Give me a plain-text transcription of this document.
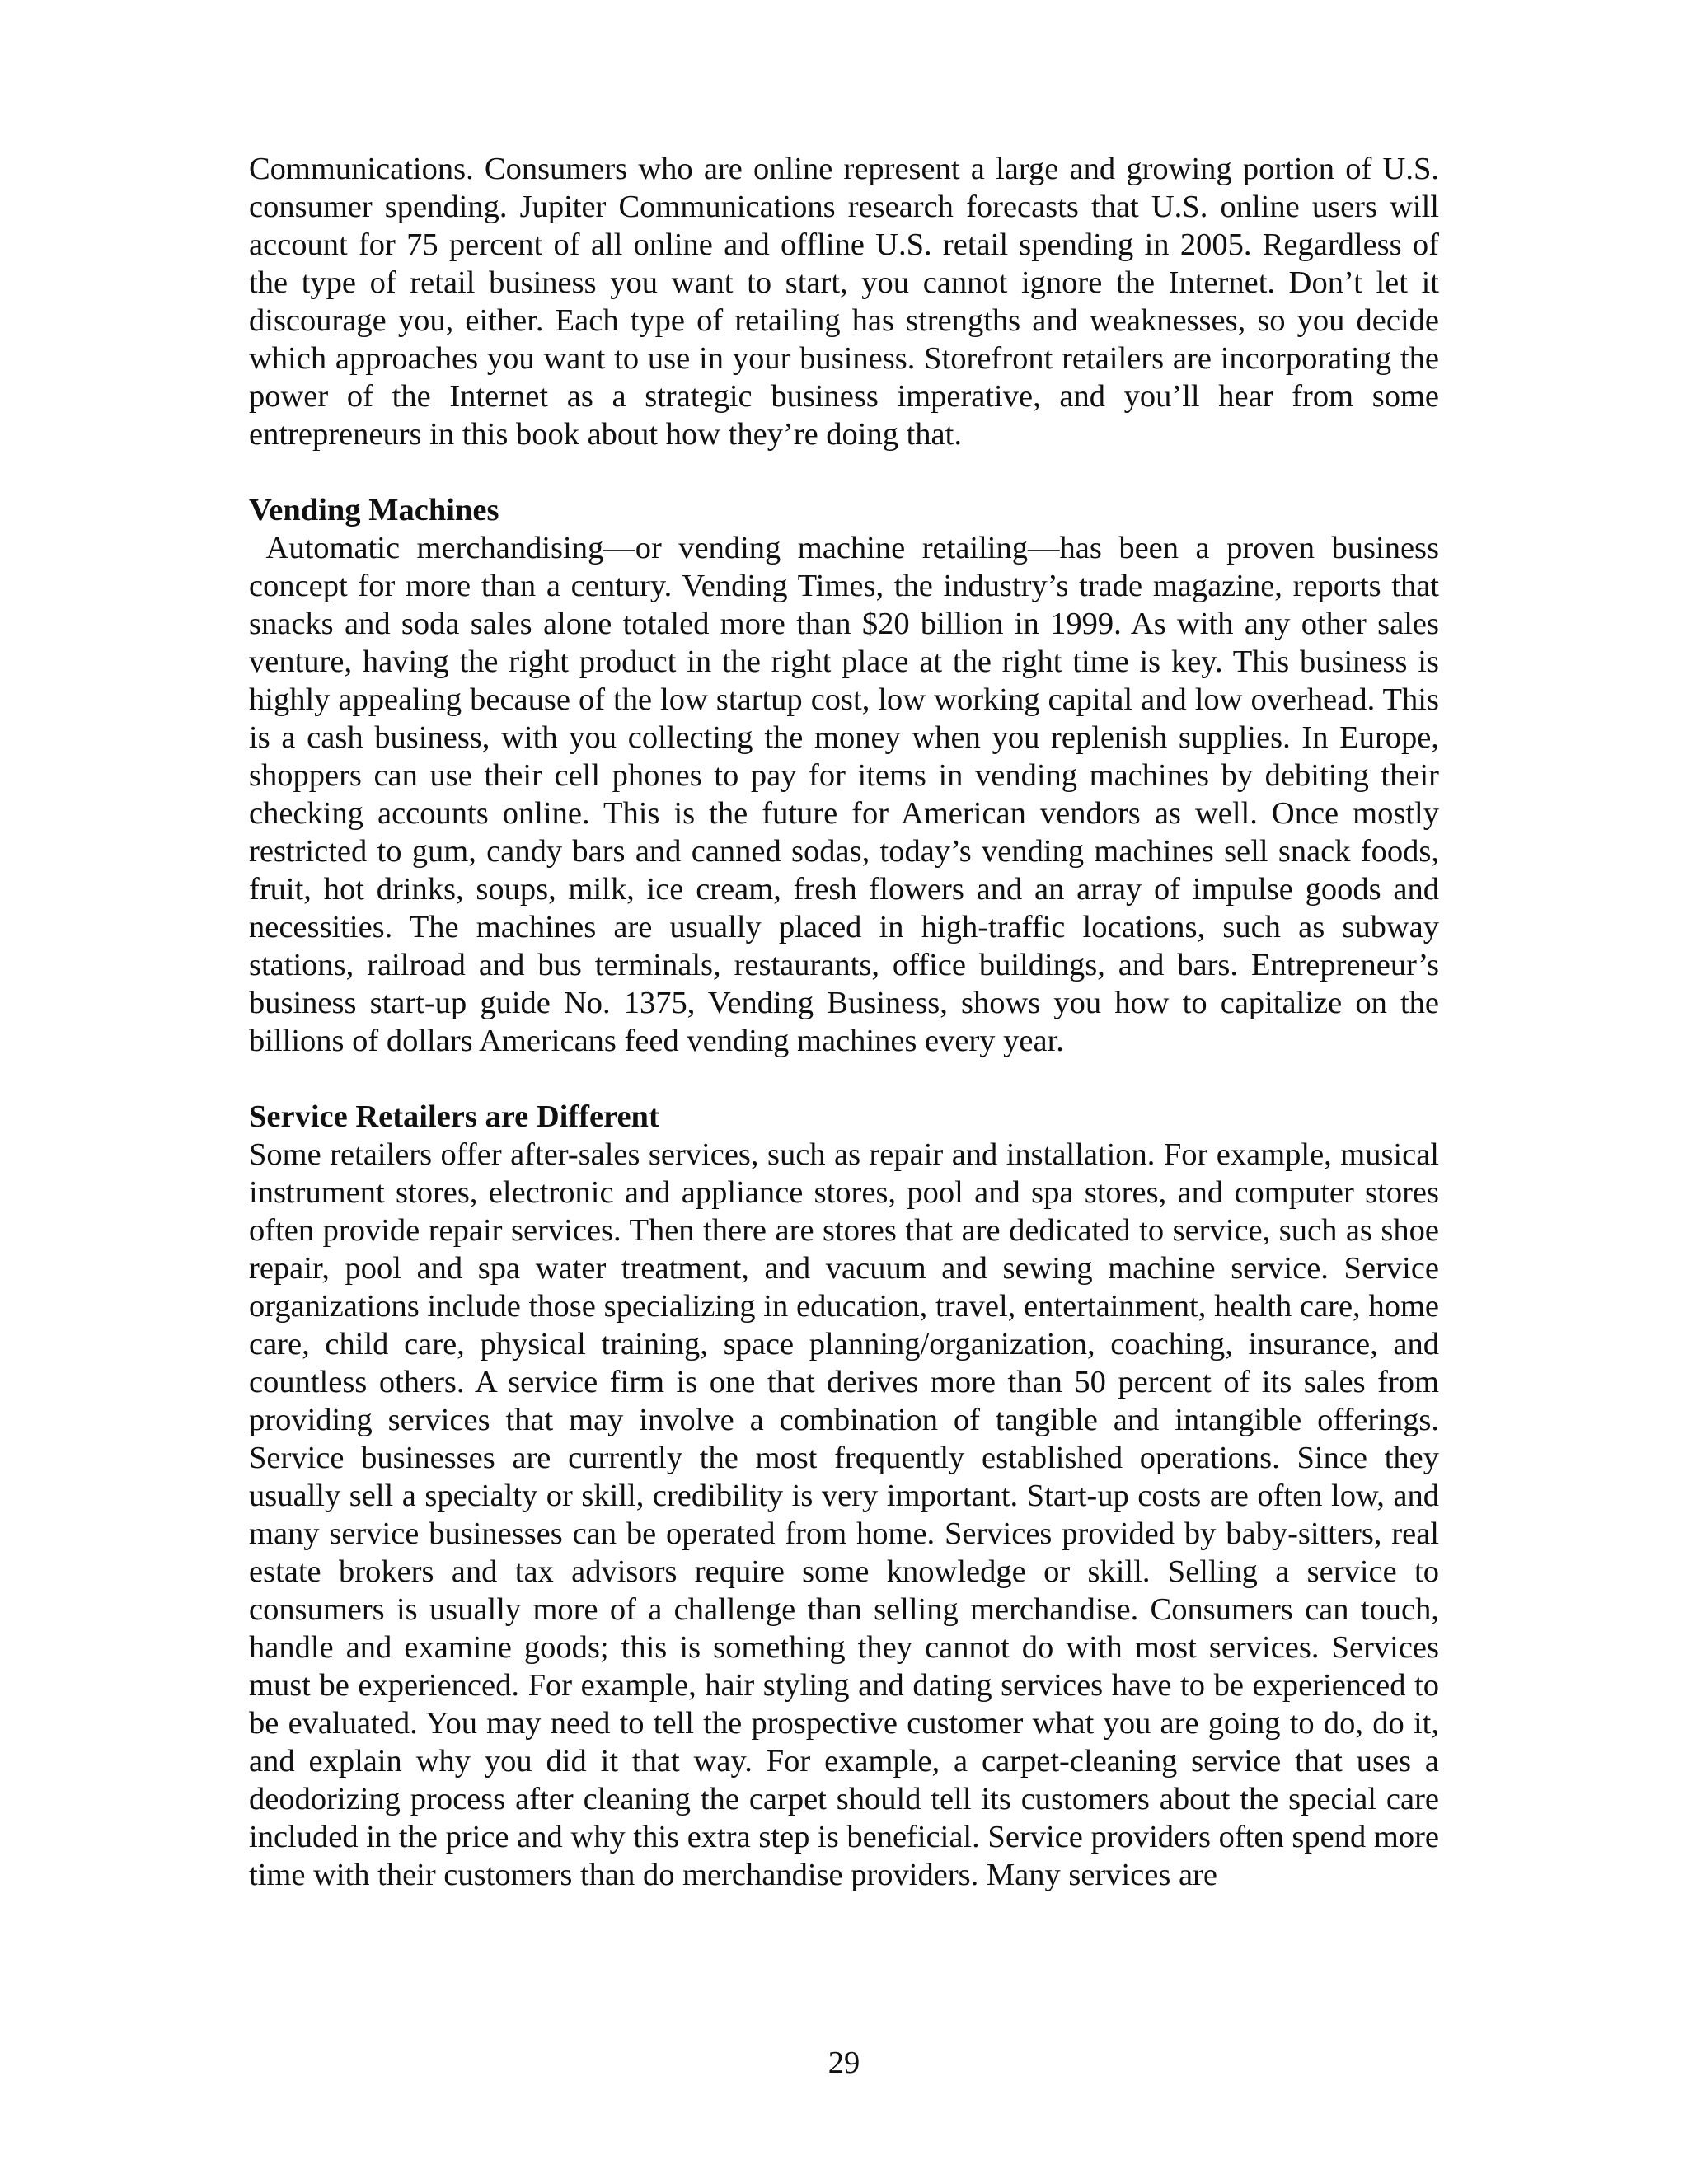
Communications. Consumers who are online represent a large and growing portion of U.S. consumer spending. Jupiter Communications research forecasts that U.S. online users will account for 75 percent of all online and offline U.S. retail spending in 2005. Regardless of the type of retail business you want to start, you cannot ignore the Internet. Don’t let it discourage you, either. Each type of retailing has strengths and weaknesses, so you decide which approaches you want to use in your business. Storefront retailers are incorporating the power of the Internet as a strategic business imperative, and you’ll hear from some entrepreneurs in this book about how they’re doing that.

Vending Machines

Automatic merchandising—or vending machine retailing—has been a proven business concept for more than a century. Vending Times, the industry’s trade magazine, reports that snacks and soda sales alone totaled more than $20 billion in 1999. As with any other sales venture, having the right product in the right place at the right time is key. This business is highly appealing because of the low startup cost, low working capital and low overhead. This is a cash business, with you collecting the money when you replenish supplies. In Europe, shoppers can use their cell phones to pay for items in vending machines by debiting their checking accounts online. This is the future for American vendors as well. Once mostly restricted to gum, candy bars and canned sodas, today’s vending machines sell snack foods, fruit, hot drinks, soups, milk, ice cream, fresh flowers and an array of impulse goods and necessities. The machines are usually placed in high-traffic locations, such as subway stations, railroad and bus terminals, restaurants, office buildings, and bars. Entrepreneur’s business start-up guide No. 1375, Vending Business, shows you how to capitalize on the billions of dollars Americans feed vending machines every year.

Service Retailers are Different

Some retailers offer after-sales services, such as repair and installation. For example, musical instrument stores, electronic and appliance stores, pool and spa stores, and computer stores often provide repair services. Then there are stores that are dedicated to service, such as shoe repair, pool and spa water treatment, and vacuum and sewing machine service. Service organizations include those specializing in education, travel, entertainment, health care, home care, child care, physical training, space planning/organization, coaching, insurance, and countless others. A service firm is one that derives more than 50 percent of its sales from providing services that may involve a combination of tangible and intangible offerings. Service businesses are currently the most frequently established operations. Since they usually sell a specialty or skill, credibility is very important. Start-up costs are often low, and many service businesses can be operated from home. Services provided by baby-sitters, real estate brokers and tax advisors require some knowledge or skill. Selling a service to consumers is usually more of a challenge than selling merchandise. Consumers can touch, handle and examine goods; this is something they cannot do with most services. Services must be experienced. For example, hair styling and dating services have to be experienced to be evaluated. You may need to tell the prospective customer what you are going to do, do it, and explain why you did it that way. For example, a carpet-cleaning service that uses a deodorizing process after cleaning the carpet should tell its customers about the special care included in the price and why this extra step is beneficial. Service providers often spend more time with their customers than do merchandise providers. Many services are

29
